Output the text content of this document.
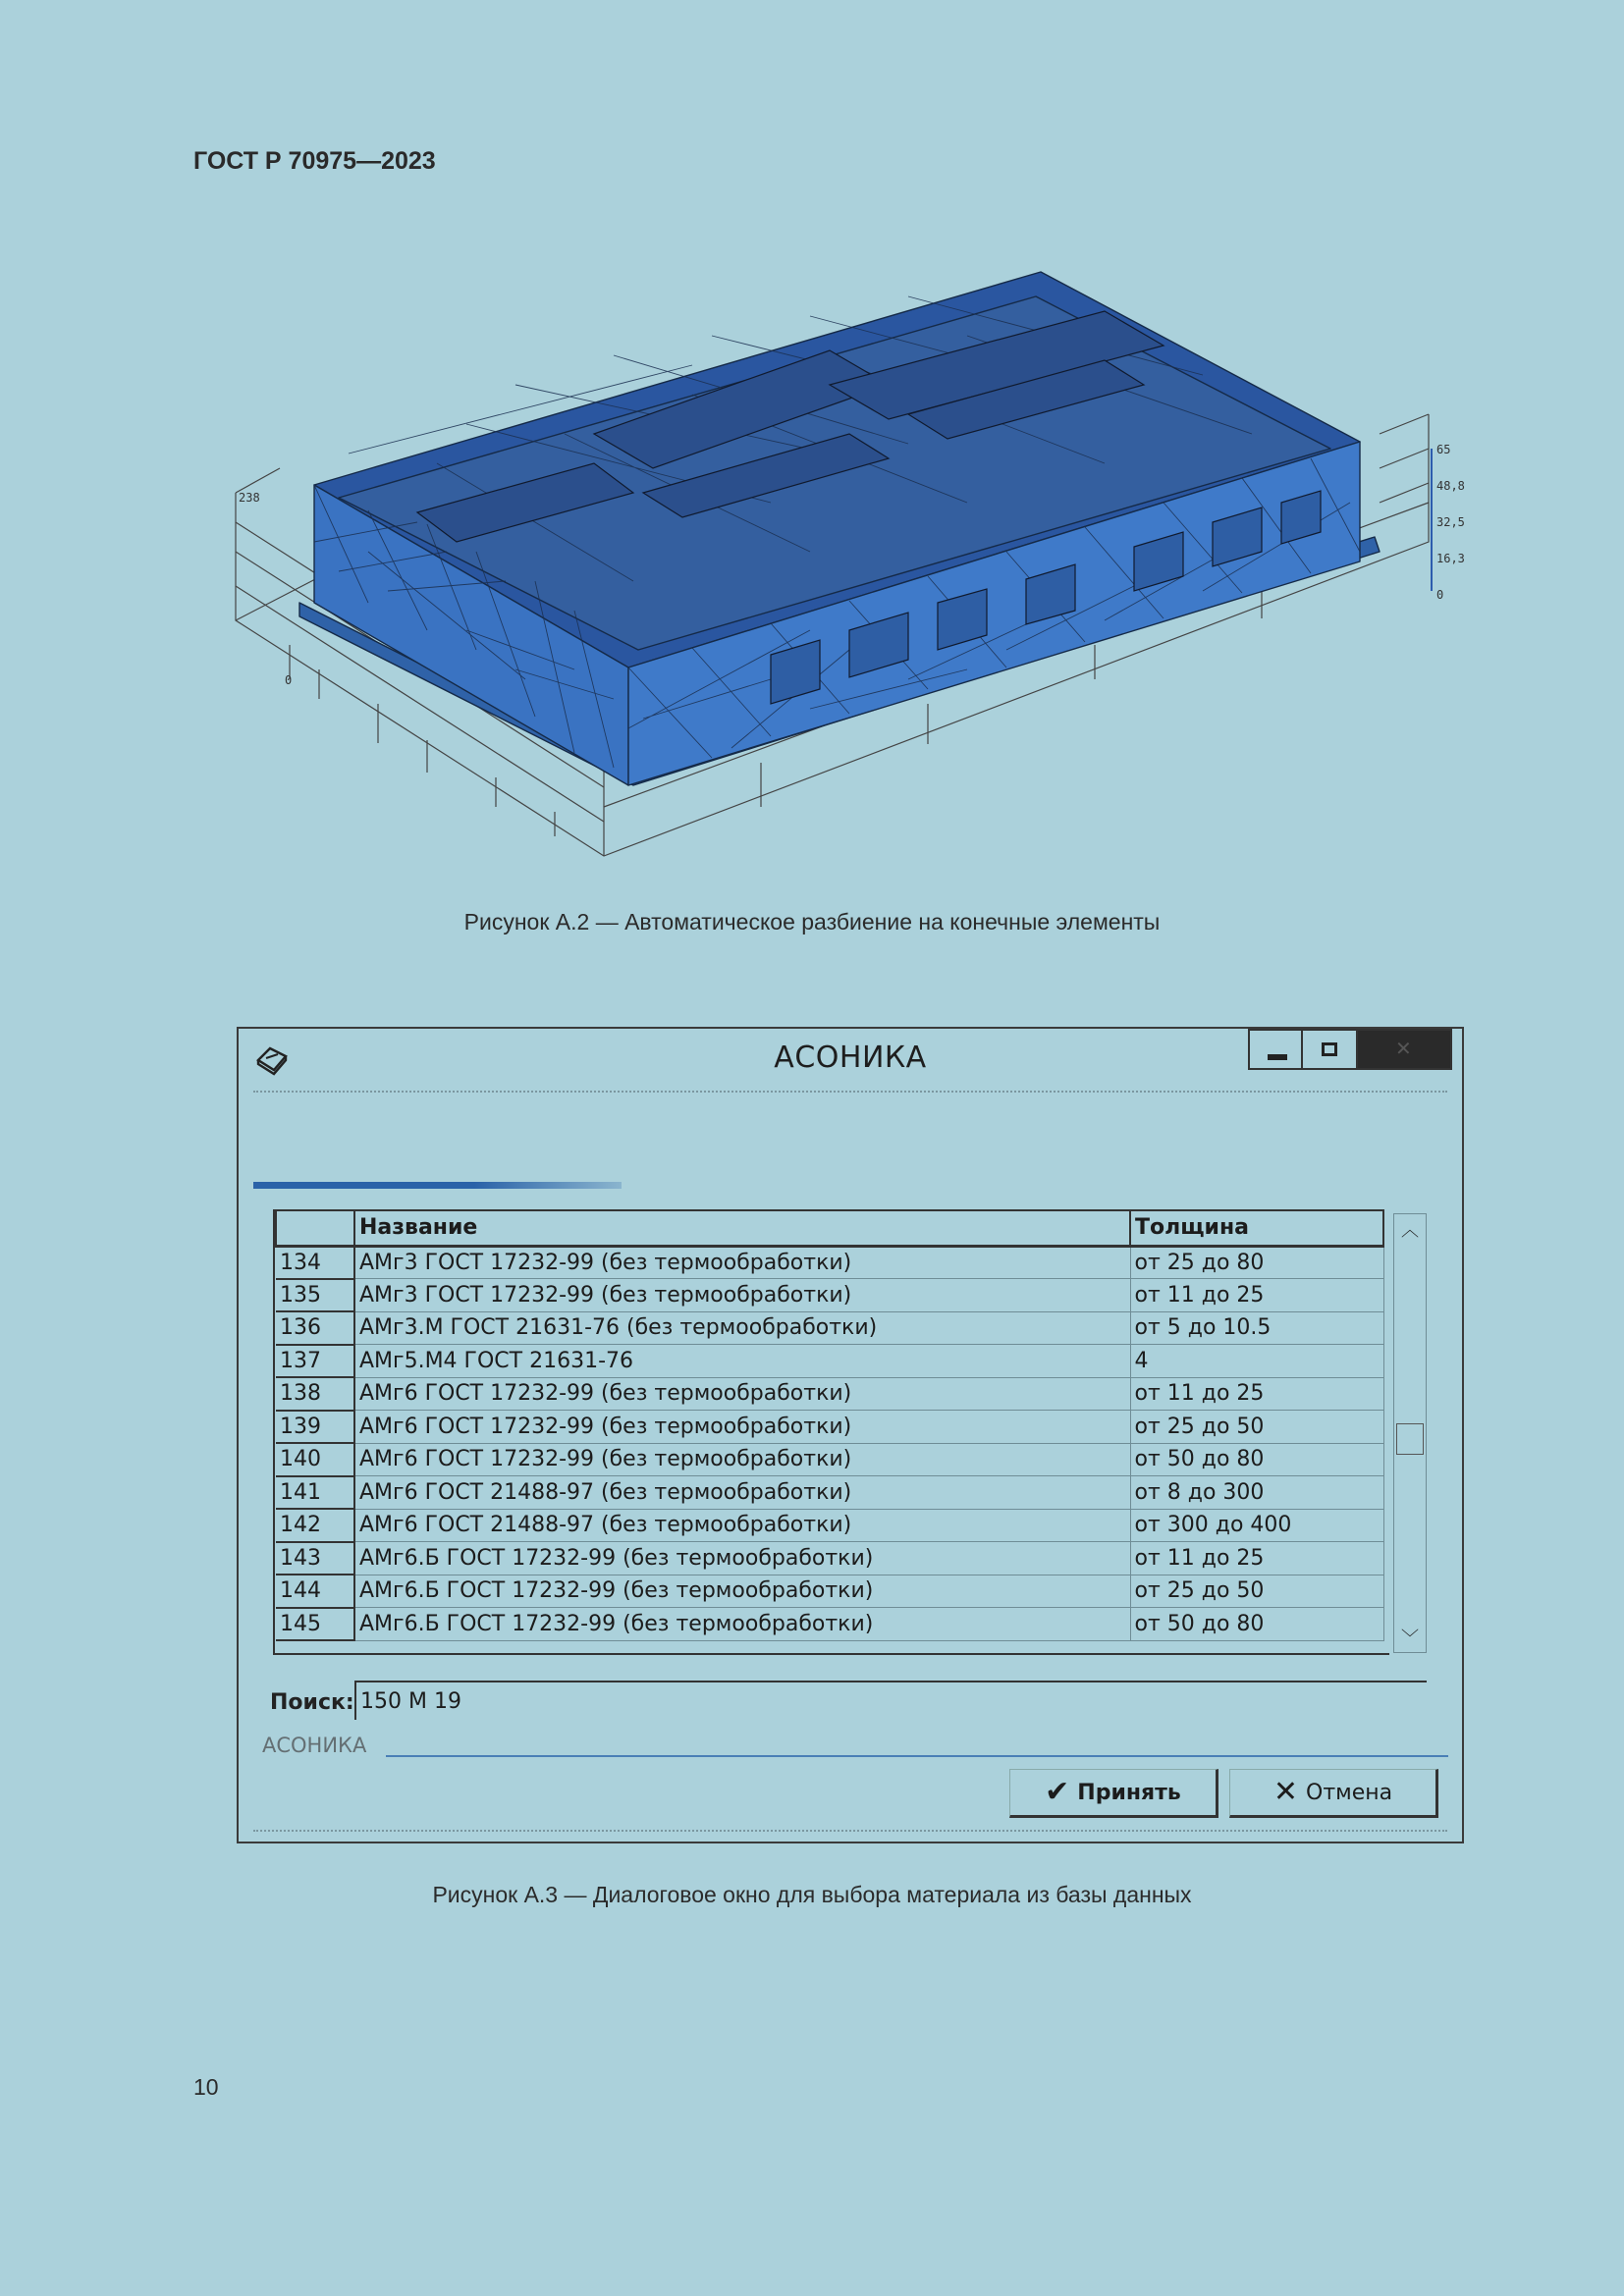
ГОСТ Р 70975—2023
238
0
65
48,8
32,5
16,3
0
Рисунок А.2 — Автоматическое разбиение на конечные элементы
АСОНИКА	✕
	Название	Толщина
134	АМг3 ГОСТ 17232-99 (без термообработки)	от 25 до 80
135	АМг3 ГОСТ 17232-99 (без термообработки)	от 11 до 25
136	АМг3.М ГОСТ 21631-76 (без термообработки)	от 5 до 10.5
137	АМг5.М4 ГОСТ 21631-76	4
138	АМг6 ГОСТ 17232-99 (без термообработки)	от 11 до 25
139	АМг6 ГОСТ 17232-99 (без термообработки)	от 25 до 50
140	АМг6 ГОСТ 17232-99 (без термообработки)	от 50 до 80
141	АМг6 ГОСТ 21488-97 (без термообработки)	от 8 до 300
142	АМг6 ГОСТ 21488-97 (без термообработки)	от 300 до 400
143	АМг6.Б ГОСТ 17232-99 (без термообработки)	от 11 до 25
144	АМг6.Б ГОСТ 17232-99 (без термообработки)	от 25 до 50
145	АМг6.Б ГОСТ 17232-99 (без термообработки)	от 50 до 80
︿
﹀
Поиск:
150 М 19
АСОНИКА
✔ Принять	✕ Отмена
Рисунок А.3 — Диалоговое окно для выбора материала из базы данных
10
